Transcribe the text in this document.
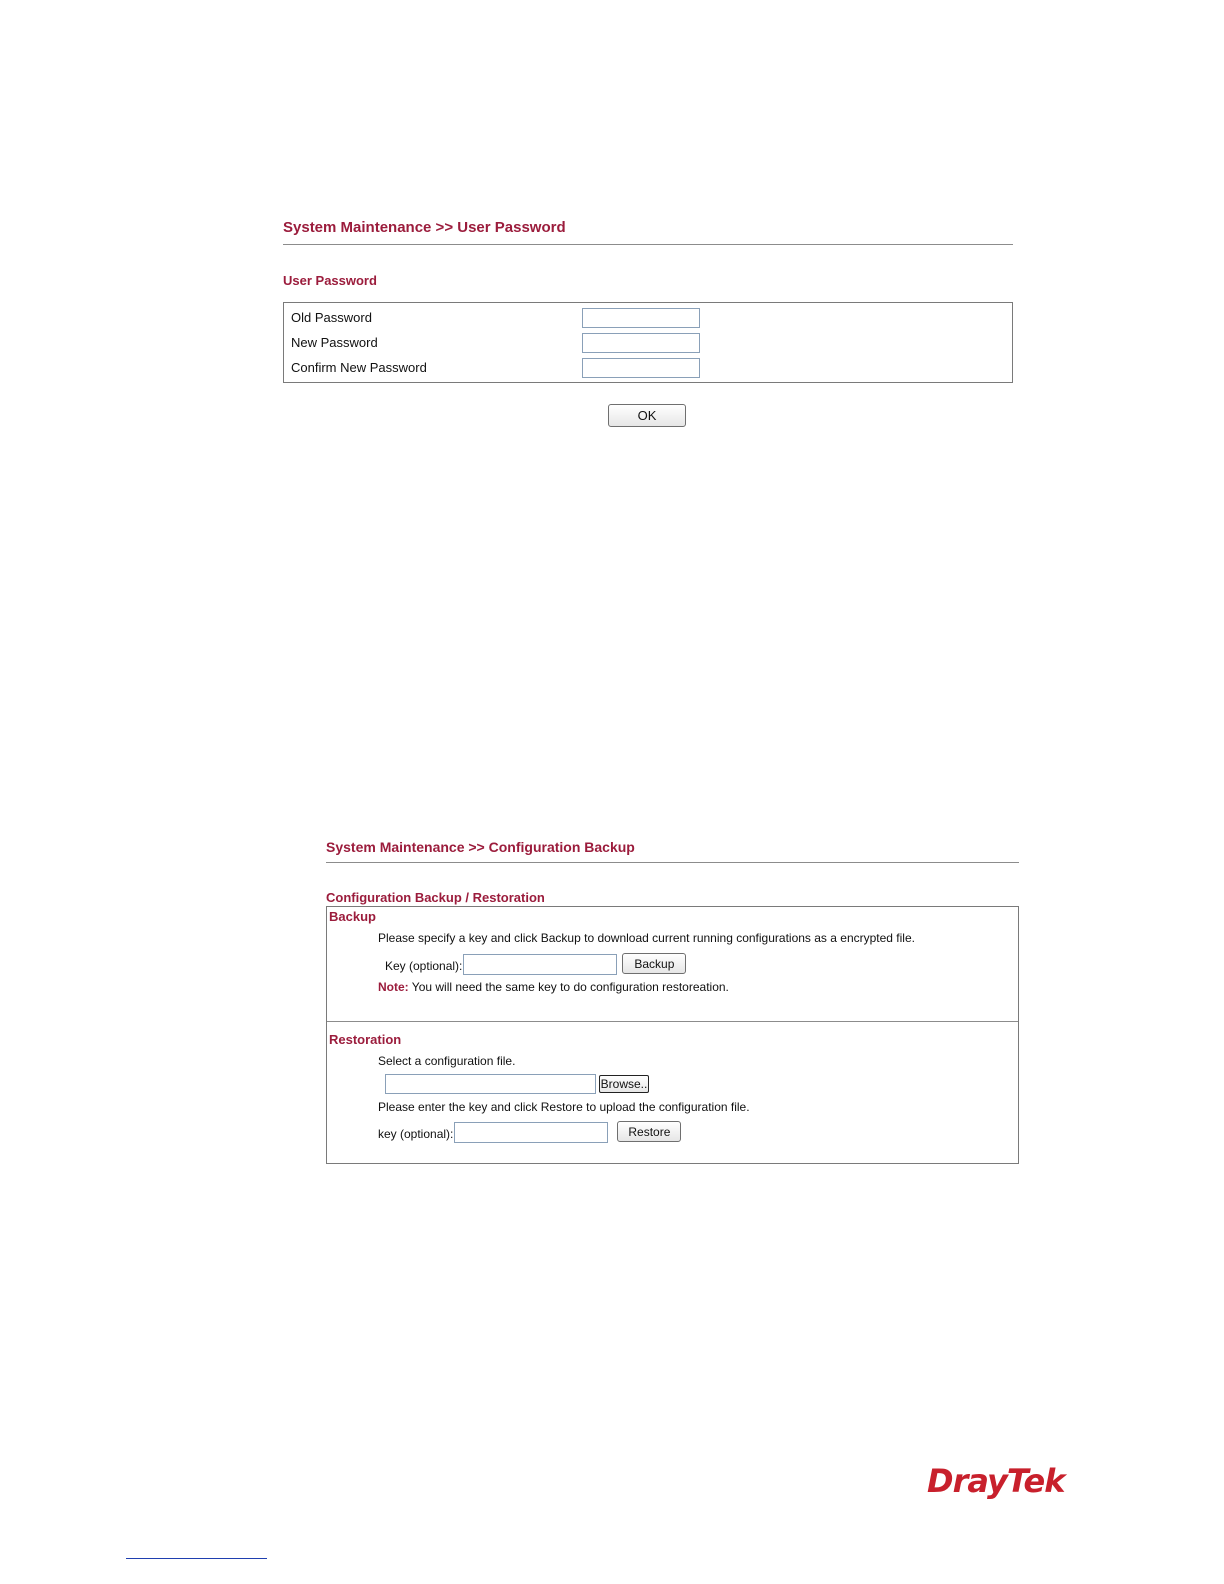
System Maintenance >> User Password
User Password
Old Password
New Password
Confirm New Password
OK
System Maintenance >> Configuration Backup
Configuration Backup / Restoration
Backup
Please specify a key and click Backup to download current running configurations as a encrypted file.
Key (optional):	Backup
Note: You will need the same key to do configuration restoreation.
Restoration
Select a configuration file.
Browse..
Please enter the key and click Restore to upload the configuration file.
key (optional):	Restore
DrayTek
